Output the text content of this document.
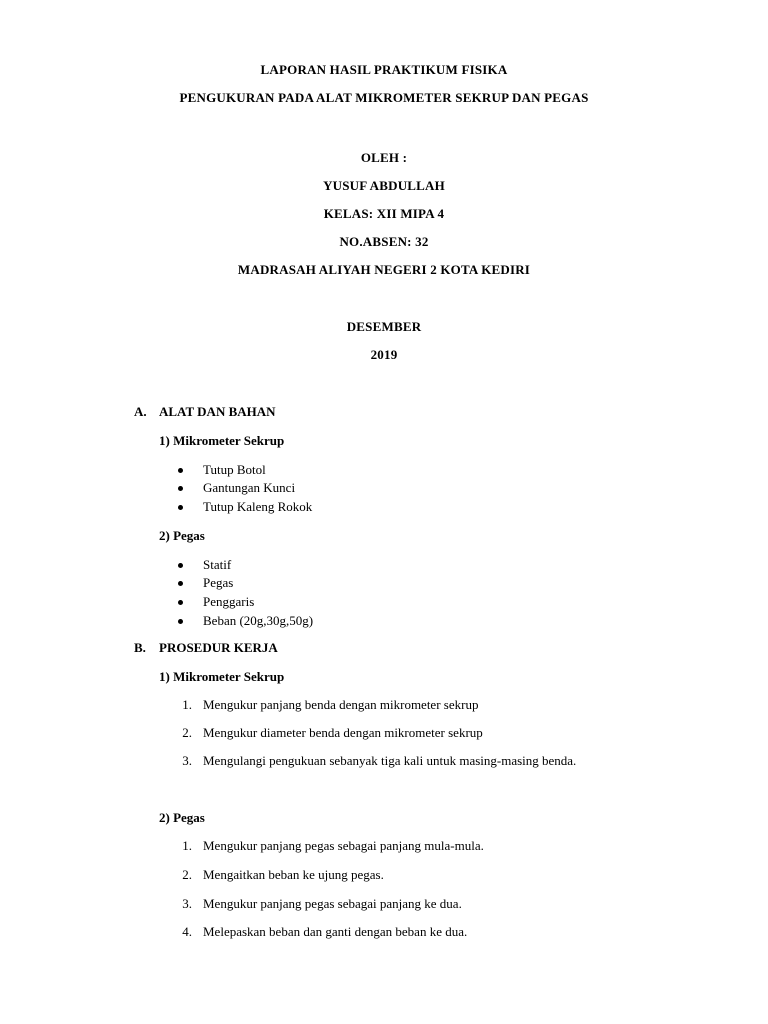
LAPORAN HASIL PRAKTIKUM FISIKA
PENGUKURAN PADA ALAT MIKROMETER SEKRUP DAN PEGAS
OLEH :
YUSUF ABDULLAH
KELAS: XII MIPA 4
NO.ABSEN: 32
MADRASAH ALIYAH NEGERI 2 KOTA KEDIRI
DESEMBER
2019
A. ALAT DAN BAHAN
1) Mikrometer Sekrup
Tutup Botol
Gantungan Kunci
Tutup Kaleng Rokok
2) Pegas
Statif
Pegas
Penggaris
Beban (20g,30g,50g)
B. PROSEDUR KERJA
1) Mikrometer Sekrup
1. Mengukur panjang benda dengan mikrometer sekrup
2. Mengukur diameter benda dengan mikrometer sekrup
3. Mengulangi pengukuan sebanyak tiga kali untuk masing-masing benda.
2) Pegas
1. Mengukur panjang pegas sebagai panjang mula-mula.
2. Mengaitkan beban ke ujung pegas.
3. Mengukur panjang pegas sebagai panjang ke dua.
4. Melepaskan beban dan ganti dengan beban ke dua.
